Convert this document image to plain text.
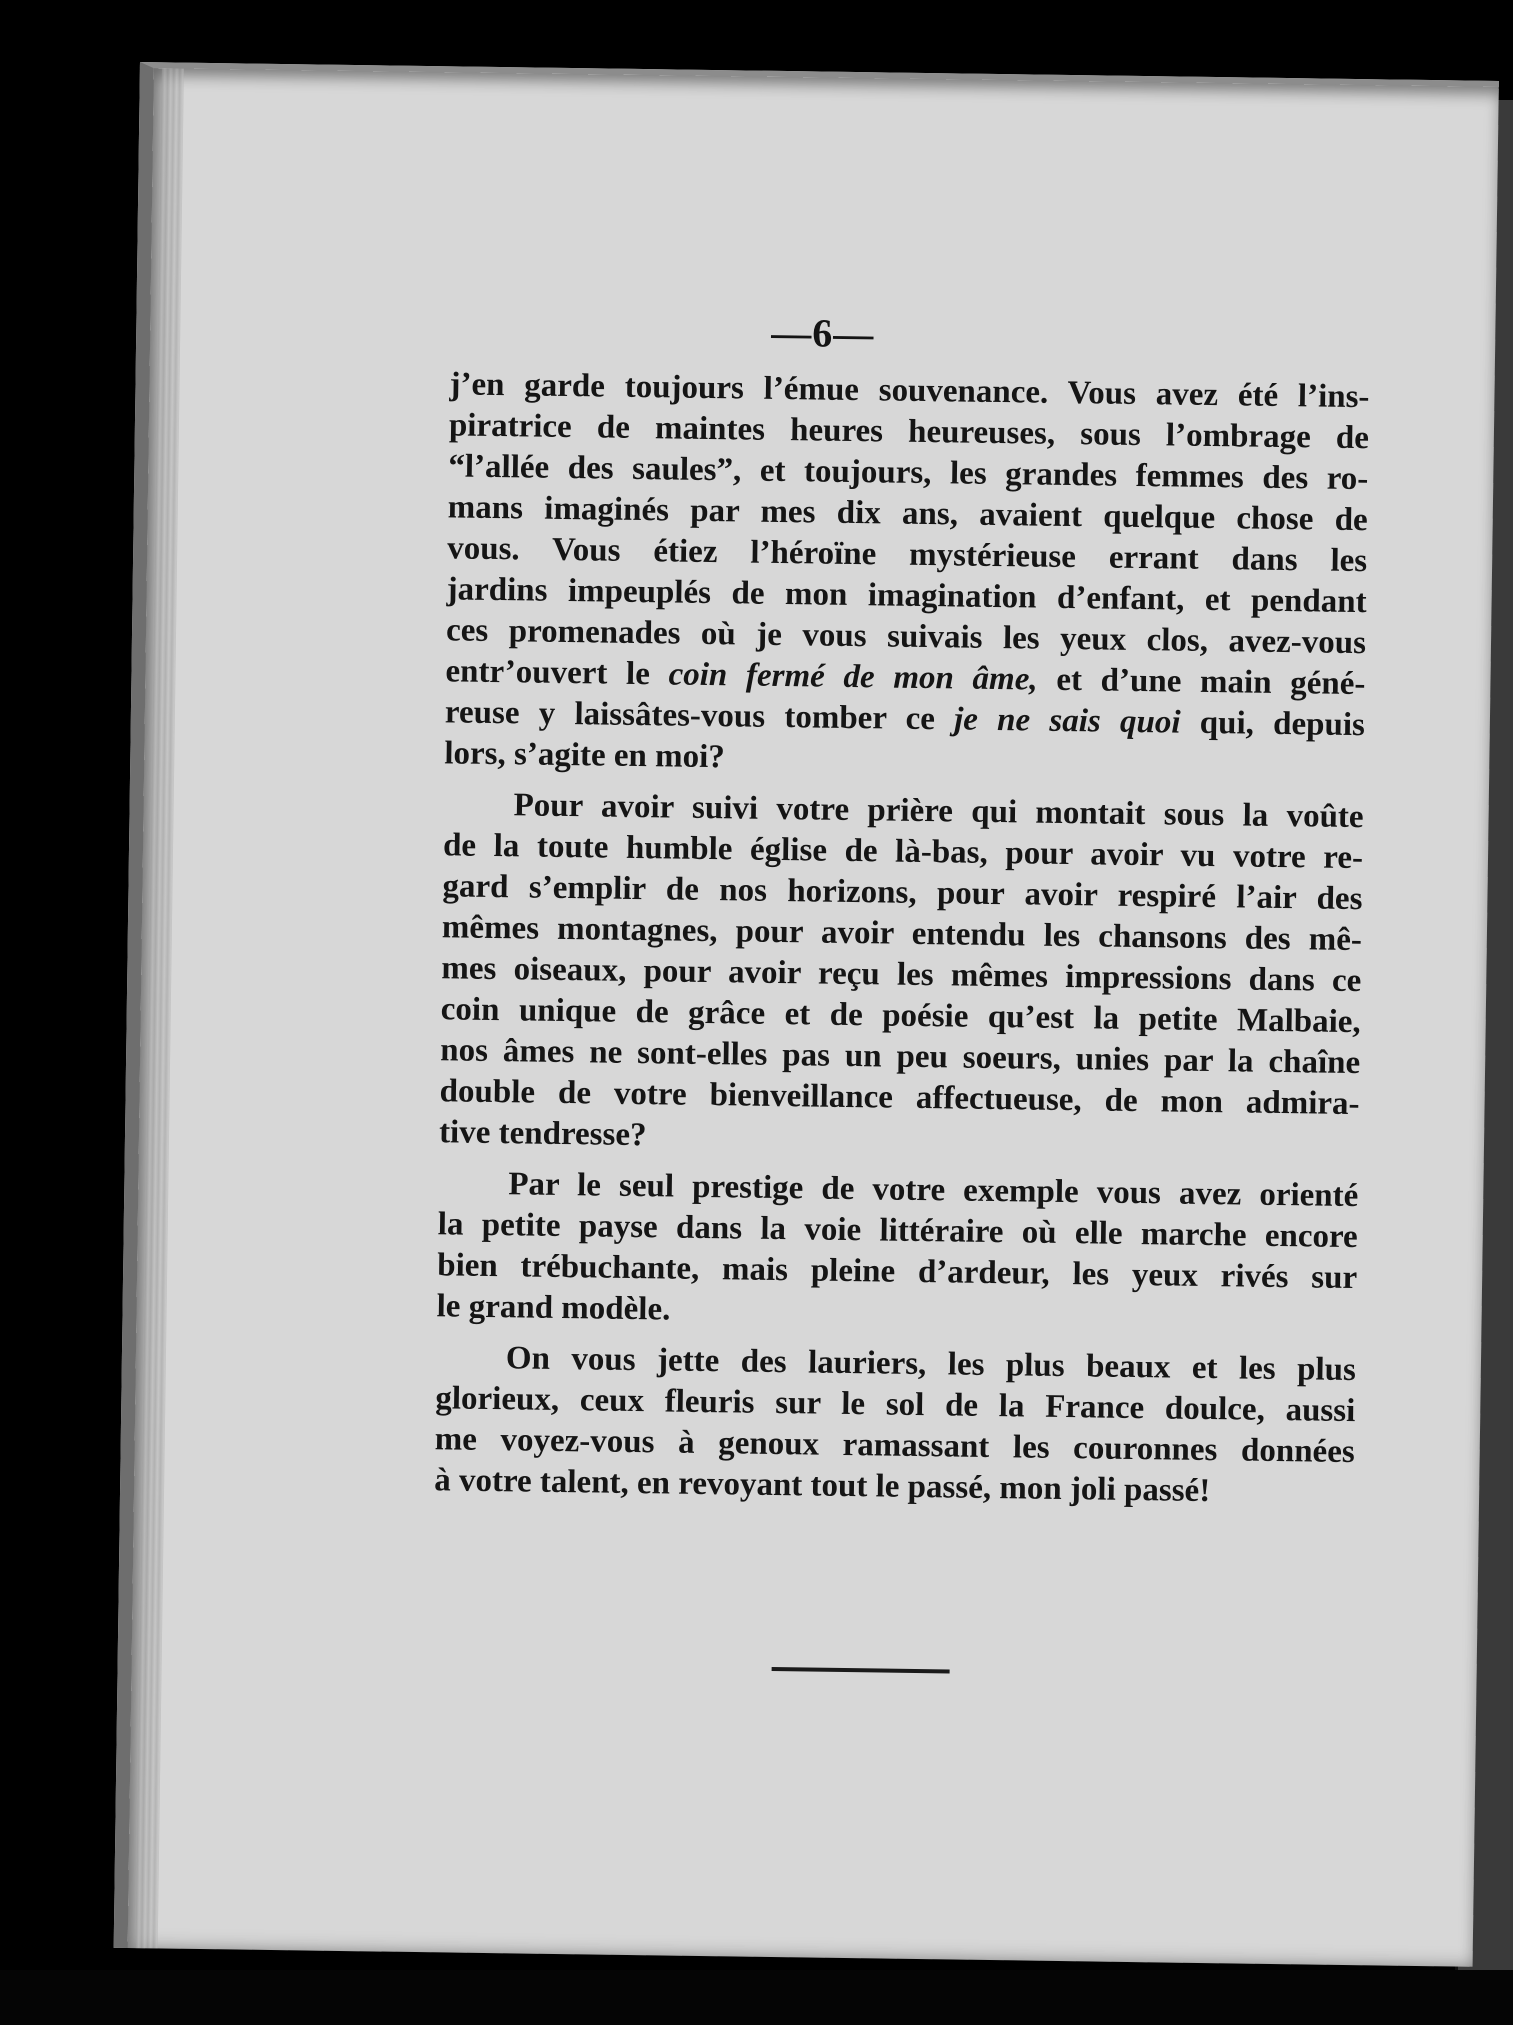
—6—
j’en garde toujours l’émue souvenance. Vous avez été l’ins-
piratrice de maintes heures heureuses, sous l’ombrage de
“l’allée des saules”, et toujours, les grandes femmes des ro-
mans imaginés par mes dix ans, avaient quelque chose de
vous. Vous étiez l’héroïne mystérieuse errant dans les
jardins impeuplés de mon imagination d’enfant, et pendant
ces promenades où je vous suivais les yeux clos, avez-vous
entr’ouvert le coin fermé de mon âme, et d’une main géné-
reuse y laissâtes-vous tomber ce je ne sais quoi qui, depuis
lors, s’agite en moi?
Pour avoir suivi votre prière qui montait sous la voûte
de la toute humble église de là-bas, pour avoir vu votre re-
gard s’emplir de nos horizons, pour avoir respiré l’air des
mêmes montagnes, pour avoir entendu les chansons des mê-
mes oiseaux, pour avoir reçu les mêmes impressions dans ce
coin unique de grâce et de poésie qu’est la petite Malbaie,
nos âmes ne sont-elles pas un peu soeurs, unies par la chaîne
double de votre bienveillance affectueuse, de mon admira-
tive tendresse?
Par le seul prestige de votre exemple vous avez orienté
la petite payse dans la voie littéraire où elle marche encore
bien trébuchante, mais pleine d’ardeur, les yeux rivés sur
le grand modèle.
On vous jette des lauriers, les plus beaux et les plus
glorieux, ceux fleuris sur le sol de la France doulce, aussi
me voyez-vous à genoux ramassant les couronnes données
à votre talent, en revoyant tout le passé, mon joli passé!
